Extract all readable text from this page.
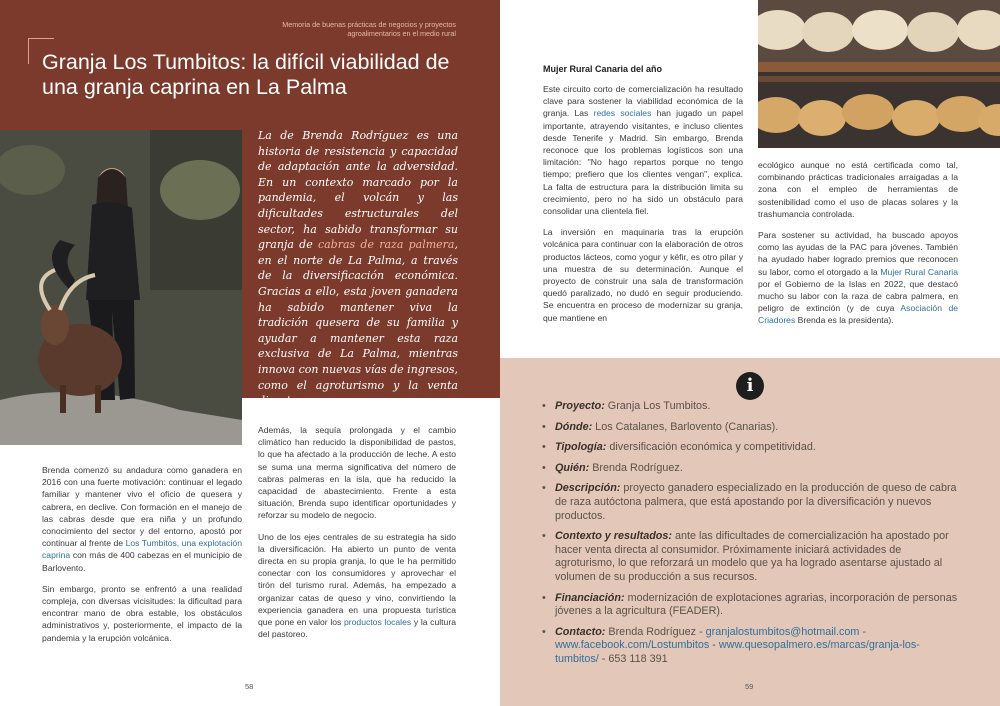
Memoria de buenas prácticas de negocios y proyectos agroalimentarios en el medio rural
Granja Los Tumbitos: la difícil viabilidad de una granja caprina en La Palma

La de Brenda Rodríguez es una historia de resistencia y capacidad de adaptación ante la adversidad. En un contexto marcado por la pandemia, el volcán y las dificultades estructurales del sector, ha sabido transformar su granja de cabras de raza palmera, en el norte de La Palma, a través de la diversificación económica. Gracias a ello, esta joven ganadera ha sabido mantener viva la tradición quesera de su familia y ayudar a mantener esta raza exclusiva de La Palma, mientras innova con nuevas vías de ingresos, como el agroturismo y la venta directa. .

Brenda comenzó su andadura como ganadera en 2016 con una fuerte motivación: continuar el legado familiar y mantener vivo el oficio de quesera y cabrera, en declive. Con formación en el manejo de las cabras desde que era niña y un profundo conocimiento del sector y del entorno, apostó por continuar al frente de Los Tumbitos, una explotación caprina con más de 400 cabezas en el municipio de Barlovento.

Sin embargo, pronto se enfrentó a una realidad compleja, con diversas vicisitudes: la dificultad para encontrar mano de obra estable, los obstáculos administrativos y, posteriormente, el impacto de la pandemia y la erupción volcánica.

Además, la sequía prolongada y el cambio climático han reducido la disponibilidad de pastos, lo que ha afectado a la producción de leche. A esto se suma una merma significativa del número de cabras palmeras en la isla, que ha reducido la capacidad de abastecimiento. Frente a esta situación, Brenda supo identificar oportunidades y reforzar su modelo de negocio.

Uno de los ejes centrales de su estrategia ha sido la diversificación. Ha abierto un punto de venta directa en su propia granja, lo que le ha permitido conectar con los consumidores y aprovechar el tirón del turismo rural. Además, ha empezado a organizar catas de queso y vino, convirtiendo la experiencia ganadera en una propuesta turística que pone en valor los productos locales y la cultura del pastoreo.

58
Mujer Rural Canaria del año

Este circuito corto de comercialización ha resultado clave para sostener la viabilidad económica de la granja. Las redes sociales han jugado un papel importante, atrayendo visitantes, e incluso clientes desde Tenerife y Madrid. Sin embargo, Brenda reconoce que los problemas logísticos son una limitación: "No hago repartos porque no tengo tiempo; prefiero que los clientes vengan", explica. La falta de estructura para la distribución limita su crecimiento, pero no ha sido un obstáculo para consolidar una clientela fiel.

La inversión en maquinaria tras la erupción volcánica para continuar con la elaboración de otros productos lácteos, como yogur y kéfir, es otro pilar y una muestra de su determinación. Aunque el proyecto de construir una sala de transformación quedó paralizado, no dudó en seguir produciendo. Se encuentra en proceso de modernizar su granja, que mantiene en

ecológico aunque no está certificada como tal, combinando prácticas tradicionales arraigadas a la zona con el empleo de herramientas de sostenibilidad como el uso de placas solares y la trashumancia controlada.

Para sostener su actividad, ha buscado apoyos como las ayudas de la PAC para jóvenes. También ha ayudado haber logrado premios que reconocen su labor, como el otorgado a la Mujer Rural Canaria por el Gobierno de la Islas en 2022, que destacó mucho su labor con la raza de cabra palmera, en peligro de extinción (y de cuya Asociación de Criadores Brenda es la presidenta).

i
• Proyecto: Granja Los Tumbitos.
• Dónde: Los Catalanes, Barlovento (Canarias).
• Tipología: diversificación económica y competitividad.
• Quién: Brenda Rodríguez.
• Descripción: proyecto ganadero especializado en la producción de queso de cabra de raza autóctona palmera, que está apostando por la diversificación y nuevos productos.
• Contexto y resultados: ante las dificultades de comercialización ha apostado por hacer venta directa al consumidor. Próximamente iniciará actividades de agroturismo, lo que reforzará un modelo que ya ha logrado asentarse ajustado al volumen de su producción a sus recursos.
• Financiación: modernización de explotaciones agrarias, incorporación de personas jóvenes a la agricultura (FEADER).
• Contacto: Brenda Rodríguez - granjalostumbitos@hotmail.com - www.facebook.com/Lostumbitos - www.quesopalmero.es/marcas/granja-los-tumbitos/ - 653 118 391
59
